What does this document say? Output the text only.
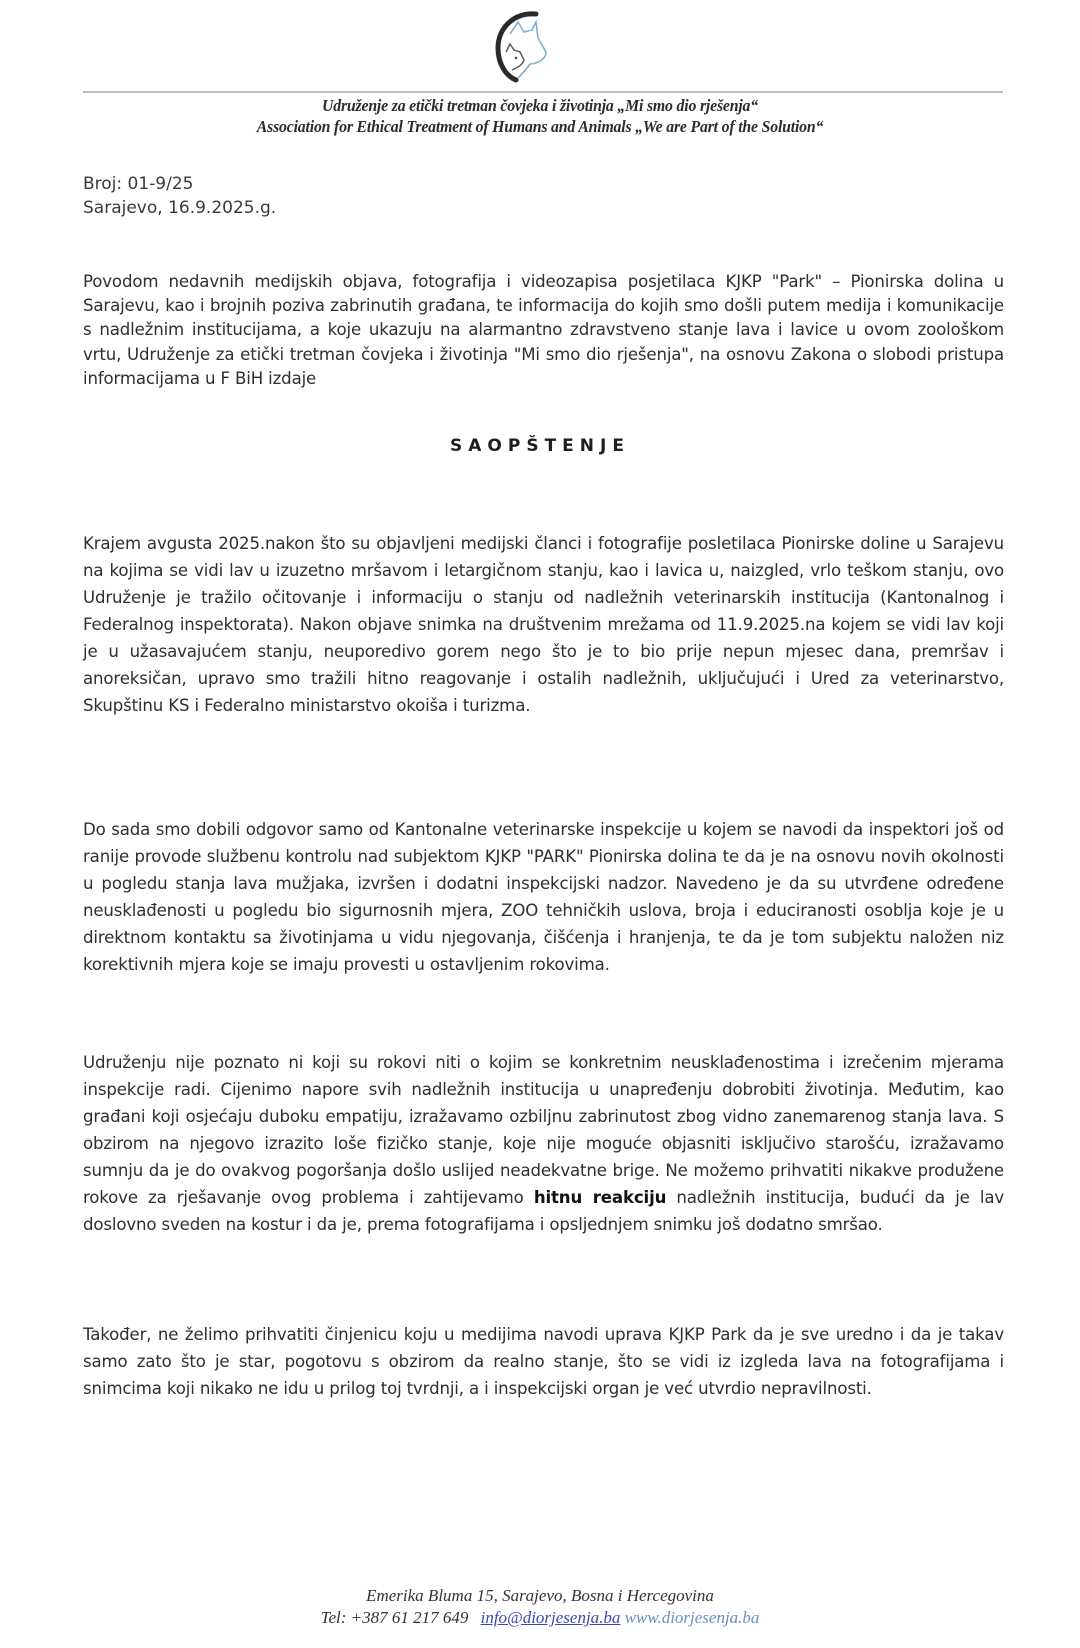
Udruženje za etički tretman čovjeka i životinja „Mi smo dio rješenja“
Association for Ethical Treatment of Humans and Animals „We are Part of the Solution“
Broj: 01-9/25
Sarajevo, 16.9.2025.g.
Povodom nedavnih medijskih objava, fotografija i videozapisa posjetilaca KJKP "Park" – Pionirska dolina u Sarajevu, kao i brojnih poziva zabrinutih građana, te informacija do kojih smo došli putem medija i komunikacije s nadležnim institucijama, a koje ukazuju na alarmantno zdravstveno stanje lava i lavice u ovom zoološkom vrtu, Udruženje za etički tretman čovjeka i životinja "Mi smo dio rješenja", na osnovu Zakona o slobodi pristupa informacijama u F BiH izdaje
SAOPŠTENJE
Krajem avgusta 2025.nakon što su objavljeni medijski članci i fotografije posletilaca Pionirske doline u Sarajevu na kojima se vidi lav u izuzetno mršavom i letargičnom stanju, kao i lavica u, naizgled, vrlo teškom stanju, ovo Udruženje je tražilo očitovanje i informaciju o stanju od nadležnih veterinarskih institucija (Kantonalnog i Federalnog inspektorata). Nakon objave snimka na društvenim mrežama od 11.9.2025.na kojem se vidi lav koji je u užasavajućem stanju, neuporedivo gorem nego što je to bio prije nepun mjesec dana, premršav i anoreksičan, upravo smo tražili hitno reagovanje i ostalih nadležnih, uključujući i Ured za veterinarstvo, Skupštinu KS i Federalno ministarstvo okoiša i turizma.
Do sada smo dobili odgovor samo od Kantonalne veterinarske inspekcije u kojem se navodi da inspektori još od ranije provode službenu kontrolu nad subjektom KJKP "PARK" Pionirska dolina te da je na osnovu novih okolnosti u pogledu stanja lava mužjaka, izvršen i dodatni inspekcijski nadzor. Navedeno je da su utvrđene određene neusklađenosti u pogledu bio sigurnosnih mjera, ZOO tehničkih uslova, broja i educiranosti osoblja koje je u direktnom kontaktu sa životinjama u vidu njegovanja, čišćenja i hranjenja, te da je tom subjektu naložen niz korektivnih mjera koje se imaju provesti u ostavljenim rokovima.
Udruženju nije poznato ni koji su rokovi niti o kojim se konkretnim neusklađenostima i izrečenim mjerama inspekcije radi. Cijenimo napore svih nadležnih institucija u unapređenju dobrobiti životinja. Međutim, kao građani koji osjećaju duboku empatiju, izražavamo ozbiljnu zabrinutost zbog vidno zanemarenog stanja lava. S obzirom na njegovo izrazito loše fizičko stanje, koje nije moguće objasniti isključivo starošću, izražavamo sumnju da je do ovakvog pogoršanja došlo uslijed neadekvatne brige. Ne možemo prihvatiti nikakve produžene rokove za rješavanje ovog problema i zahtijevamo hitnu reakciju nadležnih institucija, budući da je lav doslovno sveden na kostur i da je, prema fotografijama i opsljednjem snimku još dodatno smršao.
Također, ne želimo prihvatiti činjenicu koju u medijima navodi uprava KJKP Park da je sve uredno i da je takav samo zato što je star, pogotovu s obzirom da realno stanje, što se vidi iz izgleda lava na fotografijama i snimcima koji nikako ne idu u prilog toj tvrdnji, a i inspekcijski organ je već utvrdio nepravilnosti.
Emerika Bluma 15, Sarajevo, Bosna i Hercegovina
Tel: +387 61 217 649 info@diorjesenja.ba www.diorjesenja.ba
